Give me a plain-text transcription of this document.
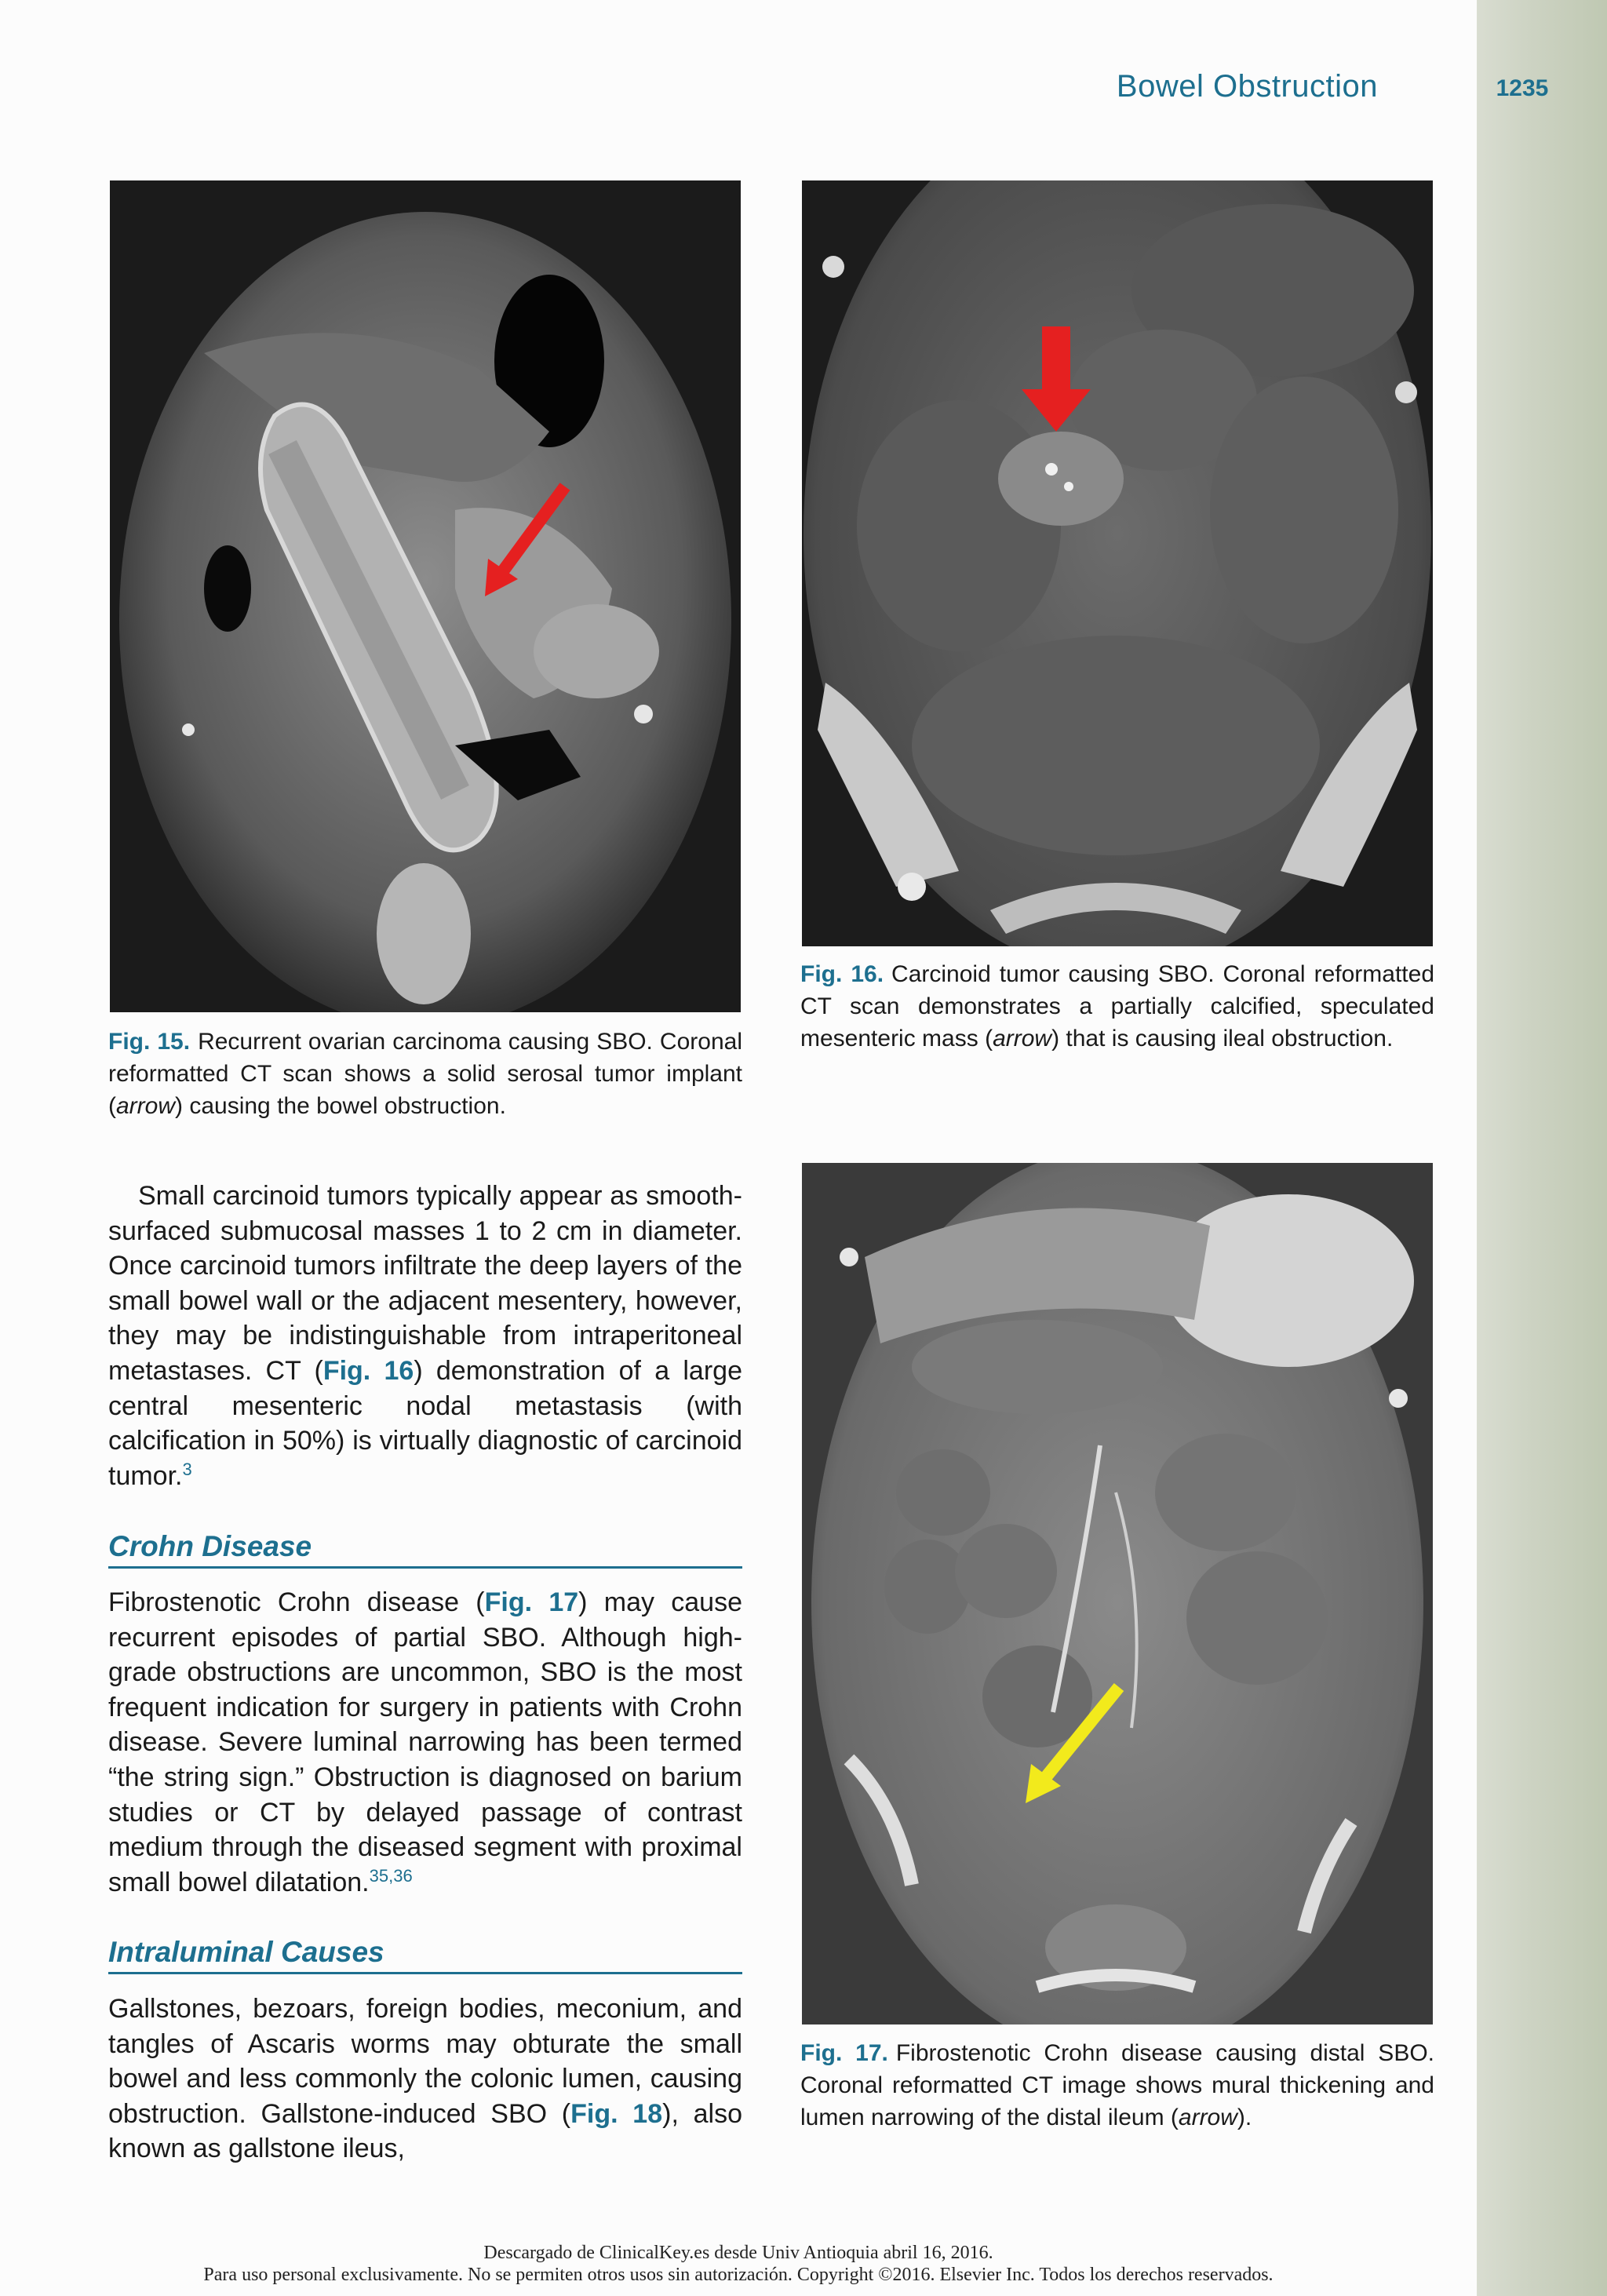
Bowel Obstruction	1235
Fig. 15. Recurrent ovarian carcinoma causing SBO. Coronal reformatted CT scan shows a solid serosal tumor implant (arrow) causing the bowel obstruction.
Fig. 16. Carcinoid tumor causing SBO. Coronal reformatted CT scan demonstrates a partially calcified, speculated mesenteric mass (arrow) that is causing ileal obstruction.
Fig. 17. Fibrostenotic Crohn disease causing distal SBO. Coronal reformatted CT image shows mural thickening and lumen narrowing of the distal ileum (arrow).
Small carcinoid tumors typically appear as smooth-surfaced submucosal masses 1 to 2 cm in diameter. Once carcinoid tumors infiltrate the deep layers of the small bowel wall or the adjacent mesentery, however, they may be indistinguishable from intraperitoneal metastases. CT (Fig. 16) demonstration of a large central mesenteric nodal metastasis (with calcification in 50%) is virtually diagnostic of carcinoid tumor.$^3$
Crohn Disease
Fibrostenotic Crohn disease (Fig. 17) may cause recurrent episodes of partial SBO. Although high-grade obstructions are uncommon, SBO is the most frequent indication for surgery in patients with Crohn disease. Severe luminal narrowing has been termed “the string sign.” Obstruction is diagnosed on barium studies or CT by delayed passage of contrast medium through the diseased segment with proximal small bowel dilatation.$^{35,36}$
Intraluminal Causes
Gallstones, bezoars, foreign bodies, meconium, and tangles of Ascaris worms may obturate the small bowel and less commonly the colonic lumen, causing obstruction. Gallstone-induced SBO (Fig. 18), also known as gallstone ileus,
Descargado de ClinicalKey.es desde Univ Antioquia abril 16, 2016.
Para uso personal exclusivamente. No se permiten otros usos sin autorización. Copyright ©2016. Elsevier Inc. Todos los derechos reservados.
